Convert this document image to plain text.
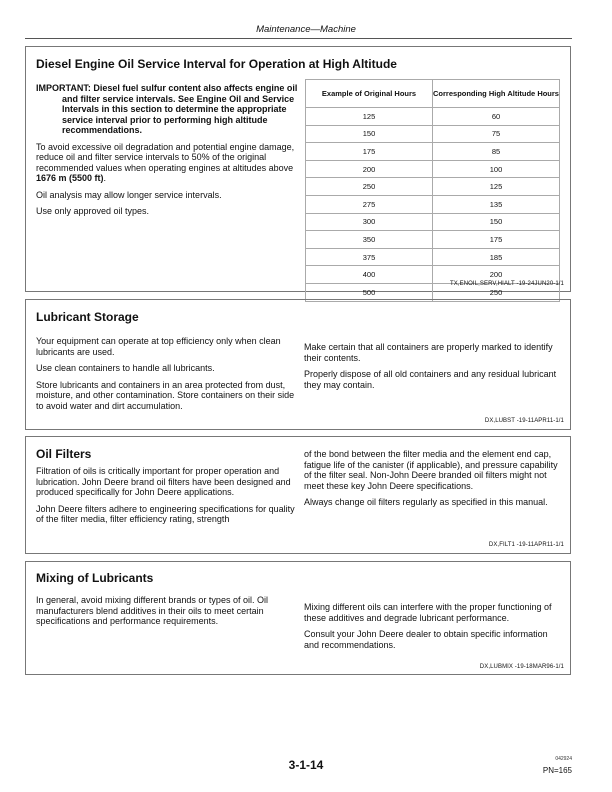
Maintenance—Machine
Diesel Engine Oil Service Interval for Operation at High Altitude

IMPORTANT: Diesel fuel sulfur content also affects engine oil and filter service intervals. See Engine Oil and Service Intervals in this section to determine the appropriate service interval prior to performing high altitude recommendations.

To avoid excessive oil degradation and potential engine damage, reduce oil and filter service intervals to 50% of the original recommended values when operating engines at altitudes above 1676 m (5500 ft).

Oil analysis may allow longer service intervals.

Use only approved oil types.

Example of Original Hours	Corresponding High Altitude Hours
125	60
150	75
175	85
200	100
250	125
275	135
300	150
350	175
375	185
400	200
500	250
TX,ENOIL,SERV,HIALT -19-24JUN20-1/1
Lubricant Storage

Your equipment can operate at top efficiency only when clean lubricants are used.

Use clean containers to handle all lubricants.

Store lubricants and containers in an area protected from dust, moisture, and other contamination. Store containers on their side to avoid water and dirt accumulation.

Make certain that all containers are properly marked to identify their contents.

Properly dispose of all old containers and any residual lubricant they may contain.

DX,LUBST -19-11APR11-1/1
Oil Filters

Filtration of oils is critically important for proper operation and lubrication. John Deere brand oil filters have been designed and produced specifically for John Deere applications.

John Deere filters adhere to engineering specifications for quality of the filter media, filter efficiency rating, strength

of the bond between the filter media and the element end cap, fatigue life of the canister (if applicable), and pressure capability of the filter seal. Non-John Deere branded oil filters might not meet these key John Deere specifications.

Always change oil filters regularly as specified in this manual.

DX,FILT1 -19-11APR11-1/1
Mixing of Lubricants

In general, avoid mixing different brands or types of oil. Oil manufacturers blend additives in their oils to meet certain specifications and performance requirements.

Mixing different oils can interfere with the proper functioning of these additives and degrade lubricant performance.

Consult your John Deere dealer to obtain specific information and recommendations.

DX,LUBMIX -19-18MAR96-1/1
3-1-14	042924
PN=165
